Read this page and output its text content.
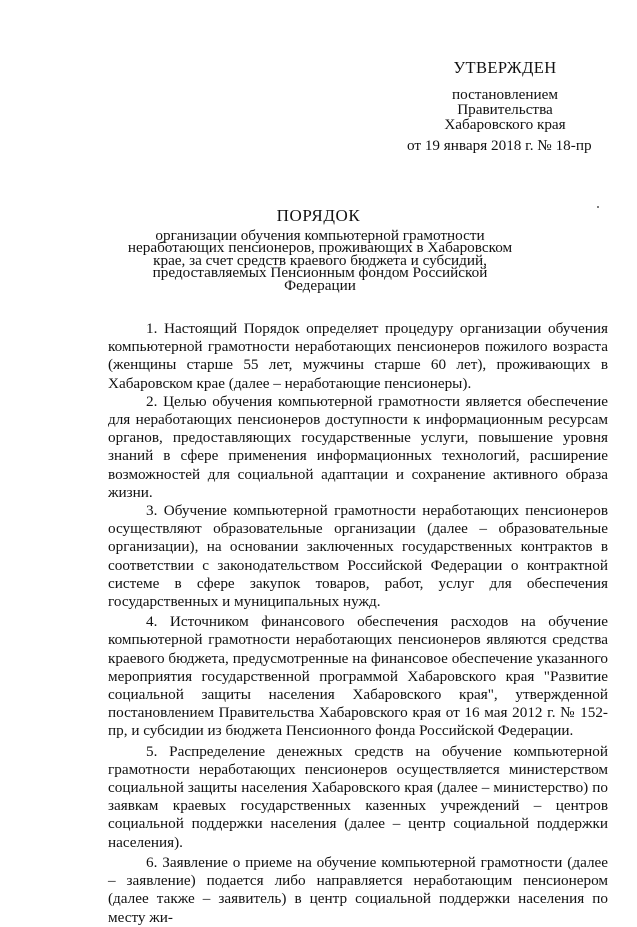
УТВЕРЖДЕН
постановлением
Правительства
Хабаровского края
от 19 января 2018 г. № 18-пр
ПОРЯДОК
организации обучения компьютерной грамотности неработающих пенсионеров, проживающих в Хабаровском крае, за счет средств краевого бюджета и субсидий, предоставляемых Пенсионным фондом Российской Федерации

1. Настоящий Порядок определяет процедуру организации обучения компьютерной грамотности неработающих пенсионеров пожилого возраста (женщины старше 55 лет, мужчины старше 60 лет), проживающих в Хабаровском крае (далее – неработающие пенсионеры).

2. Целью обучения компьютерной грамотности является обеспечение для неработающих пенсионеров доступности к информационным ресурсам органов, предоставляющих государственные услуги, повышение уровня знаний в сфере применения информационных технологий, расширение возможностей для социальной адаптации и сохранение активного образа жизни.

3. Обучение компьютерной грамотности неработающих пенсионеров осуществляют образовательные организации (далее – образовательные организации), на основании заключенных государственных контрактов в соответствии с законодательством Российской Федерации о контрактной системе в сфере закупок товаров, работ, услуг для обеспечения государственных и муниципальных нужд.

4. Источником финансового обеспечения расходов на обучение компьютерной грамотности неработающих пенсионеров являются средства краевого бюджета, предусмотренные на финансовое обеспечение указанного мероприятия государственной программой Хабаровского края "Развитие социальной защиты населения Хабаровского края", утвержденной постановлением Правительства Хабаровского края от 16 мая 2012 г. № 152-пр, и субсидии из бюджета Пенсионного фонда Российской Федерации.

5. Распределение денежных средств на обучение компьютерной грамотности неработающих пенсионеров осуществляется министерством социальной защиты населения Хабаровского края (далее – министерство) по заявкам краевых государственных казенных учреждений – центров социальной поддержки населения (далее – центр социальной поддержки населения).

6. Заявление о приеме на обучение компьютерной грамотности (далее – заявление) подается либо направляется неработающим пенсионером (далее также – заявитель) в центр социальной поддержки населения по месту жи-
